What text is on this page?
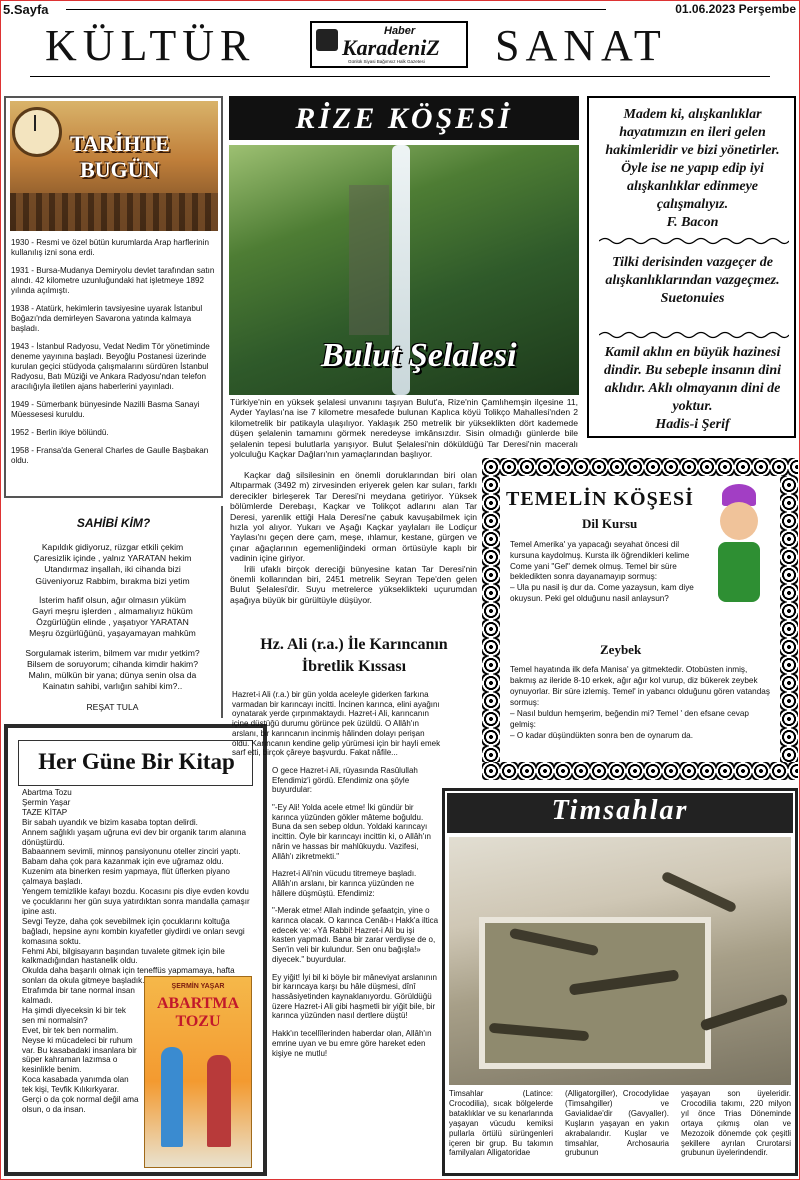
5.Sayfa	01.06.2023 Perşembe
KÜLTÜR	SANAT
Haber
KaradeniZ
Günlük Siyasi Bağımsız Halk Gazetesi
TARİHTE
BUGÜN

1930 - Resmi ve özel bütün kurumlarda Arap harflerinin kullanılış izni sona erdi.

1931 - Bursa-Mudanya Demiryolu devlet tarafından satın alındı. 42 kilometre uzunluğundaki hat işletmeye 1892 yılında açılmıştı.

1938 - Atatürk, hekimlerin tavsiyesine uyarak İstanbul Boğazı'nda demirleyen Savarona yatında kalmaya başladı.

1943 - İstanbul Radyosu, Vedat Nedim Tör yönetiminde deneme yayınına başladı. Beyoğlu Postanesi üzerinde kurulan geçici stüdyoda çalışmalarını sürdüren İstanbul Radyosu, Batı Müziği ve Ankara Radyosu'ndan telefon aracılığıyla iletilen ajans haberlerini yayınladı.

1949 - Sümerbank bünyesinde Nazilli Basma Sanayi Müessesesi kuruldu.

1952 - Berlin ikiye bölündü.

1958 - Fransa'da General Charles de Gaulle Başbakan oldu.

SAHİBİ KİM?
Kapıldık gidiyoruz, rüzgar etkili çekim
Çaresizlik içinde , yalnız YARATAN hekim
Utandırmaz inşallah, iki cihanda bizi
Güveniyoruz Rabbim, bırakma bizi yetim
İsterim hafif olsun, ağır olmasın yüküm
Gayri meşru işlerden , almamalıyız hüküm
Özgürlüğün elinde , yaşatıyor YARATAN
Meşru özgürlüğünü, yaşayamayan mahkûm
Sorgulamak isterim, bilmem var mıdır yetkim?
Bilsem de soruyorum; cihanda kimdir hakim?
Malın, mülkün bir yana; dünya senin olsa da
Kainatın sahibi, varlığın sahibi kim?..
REŞAT TULA
Her Güne Bir Kitap
Abartma Tozu
Şermin Yaşar
TAZE KİTAP
Bir sabah uyandık ve bizim kasaba toptan delirdi.
Annem sağlıklı yaşam uğruna evi dev bir organik tarım alanına dönüştürdü.
Babaannem sevimli, minnoş pansiyonunu oteller zinciri yaptı.
Babam daha çok para kazanmak için eve uğramaz oldu.
Kuzenim ata binerken resim yapmaya, flüt üflerken piyano çalmaya başladı.
Yengem temizlikle kafayı bozdu. Kocasını pis diye evden kovdu ve çocuklarını her gün suya yatırdıktan sonra mandalla çamaşır ipine astı.
Sevgi Teyze, daha çok sevebilmek için çocuklarını koltuğa bağladı, hepsine aynı kombin kıyafetler giydirdi ve onları sevgi komasına soktu.
Fehmi Abi, bilgisayarın başından tuvalete gitmek için bile kalkmadığından hastanelik oldu.
Okulda daha başarılı olmak için teneffüs yapmamaya, hafta sonları da okula gitmeye başladık.
Etrafımda bir tane normal insan kalmadı.
Ha şimdi diyeceksin ki bir tek sen mi normalsin?
Evet, bir tek ben normalim.
Neyse ki mücadeleci bir ruhum var. Bu kasabadaki insanlara bir süper kahraman lazımsa o kesinlikle benim.
Koca kasabada yanımda olan tek kişi, Tevfik Kılıkırkyarar.
Gerçi o da çok normal değil ama olsun, o da insan.
ŞERMİN YAŞAR
ABARTMA
TOZU
RİZE KÖŞESİ
Bulut Şelalesi
Türkiye'nin en yüksek şelalesi unvanını taşıyan Bulut'a, Rize'nin Çamlıhemşin ilçesine 11, Ayder Yaylası'na ise 7 kilometre mesafede bulunan Kaplıca köyü Tolikço Mahallesi'nden 2 kilometrelik bir patikayla ulaşılıyor. Yaklaşık 250 metrelik bir yükseklikten dört kademede düşen şelalenin tamamını görmek neredeyse imkânsızdır. Sisin olmadığı günlerde bile şelalenin tepesi bulutlarla yarışıyor. Bulut Şelalesi'nin döküldüğü Tar Deresi'nin maceralı yolculuğu Kaçkar Dağları'nın yamaçlarından başlıyor.

Kaçkar dağ silsilesinin en önemli doruklarından biri olan Altıparmak (3492 m) zirvesinden eriyerek gelen kar suları, farklı derecikler birleşerek Tar Deresi'ni meydana getiriyor. Yüksek bölümlerde Derebaşı, Kaçkar ve Tolikçot adlarını alan Tar Deresi, yarenlik ettiği Hala Deresi'ne çabuk kavuşabilmek için hızla yol alıyor. Yukarı ve Aşağı Kaçkar yaylaları ile Lodiçur Yaylası'nı geçen dere çam, meşe, ıhlamur, kestane, gürgen ve çınar ağaçlarının egemenliğindeki orman örtüsüyle kaplı bir vadinin içine giriyor.

İrili ufaklı birçok dereciği bünyesine katan Tar Deresi'nin önemli kollarından biri, 2451 metrelik Seyran Tepe'den gelen Bulut Şelalesi'dir. Suyu metrelerce yükseklikteki uçurumdan aşağıya büyük bir gürültüyle düşüyor.

Hz. Ali (r.a.) İle Karıncanın
İbretlik Kıssası

Hazret-i Ali (r.a.) bir gün yolda aceleyle giderken farkına varmadan bir karıncayı incitti. İncinen karınca, elini ayağını oynatarak yerde çırpınmaktaydı. Hazret-i Ali, karıncanın içine düştüğü durumu görünce pek üzüldü. O Allâh'ın arslanı, bir karıncanın incinmiş hâlinden dolayı perişan oldu. Karıncanın kendine gelip yürümesi için bir hayli emek sarf etti, birçok çâreye başvurdu. Fakat nâfile...

O gece Hazret-i Ali, rüyasında Rasûlullah Efendimiz'i gördü. Efendimiz ona şöyle buyurdular:

"-Ey Ali! Yolda acele etme! İki gündür bir karınca yüzünden gökler mâteme boğuldu. Buna da sen sebep oldun. Yoldaki karıncayı incittin. Öyle bir karıncayı incittin ki, o Allâh'ın nârin ve hassas bir mahlûkuydu. Vazifesi, Allâh'ı zikretmekti."

Hazret-i Ali'nin vücudu titremeye başladı. Allâh'ın arslanı, bir karınca yüzünden ne hâllere düşmüştü. Efendimiz:

"-Merak etme! Allah indinde şefaatçin, yine o karınca olacak. O karınca Cenâb-ı Hakk'a iltica edecek ve: «Yâ Rabbi! Hazret-i Ali bu işi kasten yapmadı. Bana bir zarar verdiyse de o, Sen'in veli bir kulundur. Sen onu bağışla!» diyecek." buyurdular.

Ey yiğit! İyi bil ki böyle bir mâneviyat arslanının bir karıncaya karşı bu hâle düşmesi, dînî hassâsiyetinden kaynaklanıyordu. Görüldüğü üzere Hazret-i Ali gibi haşmetli bir yiğit bile, bir karınca yüzünden nasıl dertlere düştü!

Hakk'ın tecellîlerinden haberdar olan, Allâh'ın emrine uyan ve bu emre göre hareket eden kişiye ne mutlu!

Madem ki, alışkanlıklar hayatımızın en ileri gelen hakimleridir ve bizi yönetirler. Öyle ise ne yapıp edip iyi alışkanlıklar edinmeye çalışmalıyız.
F. Bacon
Tilki derisinden vazgeçer de alışkanlıklarından vazgeçmez.
Suetonuies
Kamil aklın en büyük hazinesi dindir. Bu sebeple insanın dini aklıdır. Aklı olmayanın dini de yoktur.
Hadis-i Şerif
TEMELİN KÖŞESİ
Dil Kursu
Temel Amerika' ya yapacağı seyahat öncesi dil kursuna kaydolmuş. Kursta ilk öğrendikleri kelime Come yani "Gel" demek olmuş. Temel bir süre bekledikten sonra dayanamayıp sormuş:
– Ula pu nasil iş dur da. Come yazaysun, kam diye okuysun. Peki gel olduğunu nasil anlaysun?
Zeybek
Temel hayatında ilk defa Manisa' ya gitmektedir. Otobüsten inmiş, bakmış az ileride 8-10 erkek, ağır ağır kol vurup, diz bükerek zeybek oynuyorlar. Bir süre izlemiş. Temel' in yabancı olduğunu gören vatandaş sormuş:
– Nasıl buldun hemşerim, beğendin mi? Temel ' den efsane cevap gelmiş:
– O kadar düşündükten sonra ben de oynarum da.
Timsahlar
Timsahlar (Latince: Crocodilia), sıcak bölgelerde bataklıklar ve su kenarlarında yaşayan vücudu kemiksi pullarla örtülü sürüngenleri içeren bir grup. Bu takımın familyaları Alligatoridae
(Alligatorgiller), Crocodylidae (Timsahgiller) ve Gavialidae'dir (Gavyaller). Kuşların yaşayan en yakın akrabalarıdır. Kuşlar ve timsahlar, Archosauria grubunun
yaşayan son üyeleridir. Crocodilia takımı, 220 milyon yıl önce Trias Döneminde ortaya çıkmış olan ve Mezozoik dönemde çok çeşitli şekillere ayrılan Crurotarsi grubunun üyelerindendir.
